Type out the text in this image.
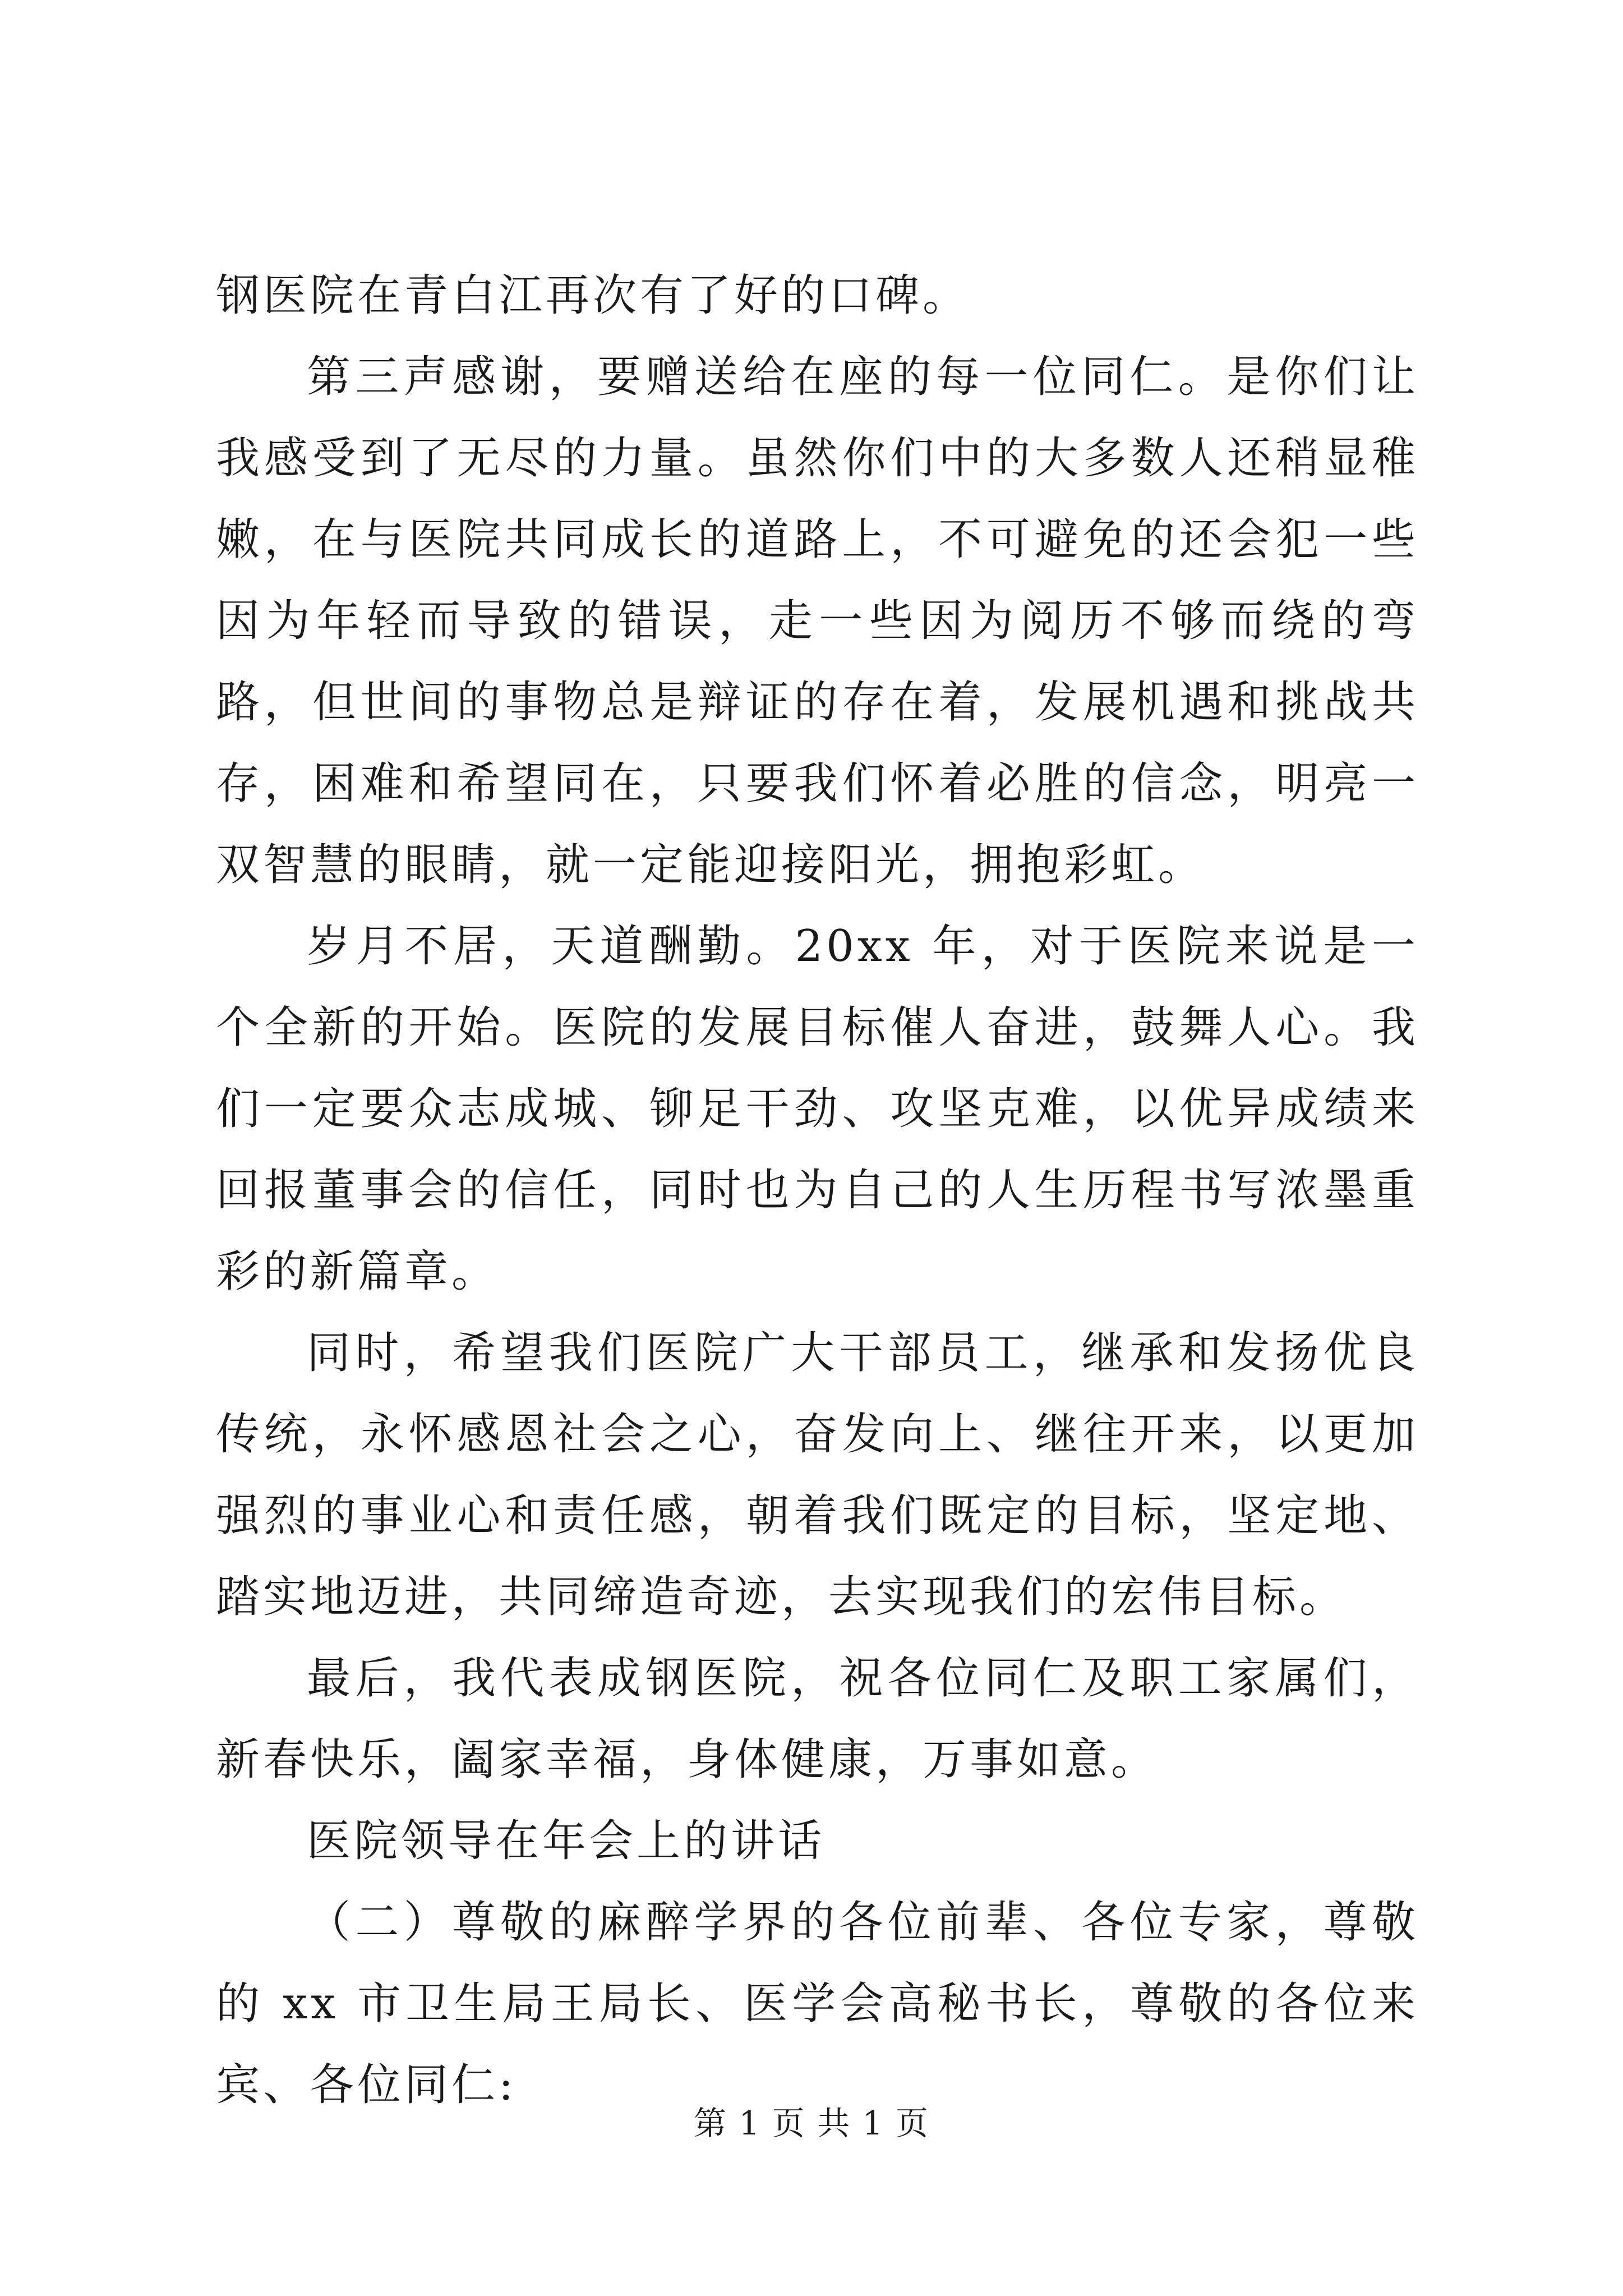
钢医院在青白江再次有了好的口碑。

第三声感谢，要赠送给在座的每一位同仁。是你们让我感受到了无尽的力量。虽然你们中的大多数人还稍显稚嫩，在与医院共同成长的道路上，不可避免的还会犯一些因为年轻而导致的错误，走一些因为阅历不够而绕的弯路，但世间的事物总是辩证的存在着，发展机遇和挑战共存，困难和希望同在，只要我们怀着必胜的信念，明亮一双智慧的眼睛，就一定能迎接阳光，拥抱彩虹。

岁月不居，天道酬勤。20xx 年，对于医院来说是一个全新的开始。医院的发展目标催人奋进，鼓舞人心。我们一定要众志成城、铆足干劲、攻坚克难，以优异成绩来回报董事会的信任，同时也为自己的人生历程书写浓墨重彩的新篇章。

同时，希望我们医院广大干部员工，继承和发扬优良传统，永怀感恩社会之心，奋发向上、继往开来，以更加强烈的事业心和责任感，朝着我们既定的目标，坚定地、踏实地迈进，共同缔造奇迹，去实现我们的宏伟目标。

最后，我代表成钢医院，祝各位同仁及职工家属们，新春快乐，阖家幸福，身体健康，万事如意。

医院领导在年会上的讲话

（二）尊敬的麻醉学界的各位前辈、各位专家，尊敬的 xx 市卫生局王局长、医学会高秘书长，尊敬的各位来宾、各位同仁:

第 1 页 共 1 页
